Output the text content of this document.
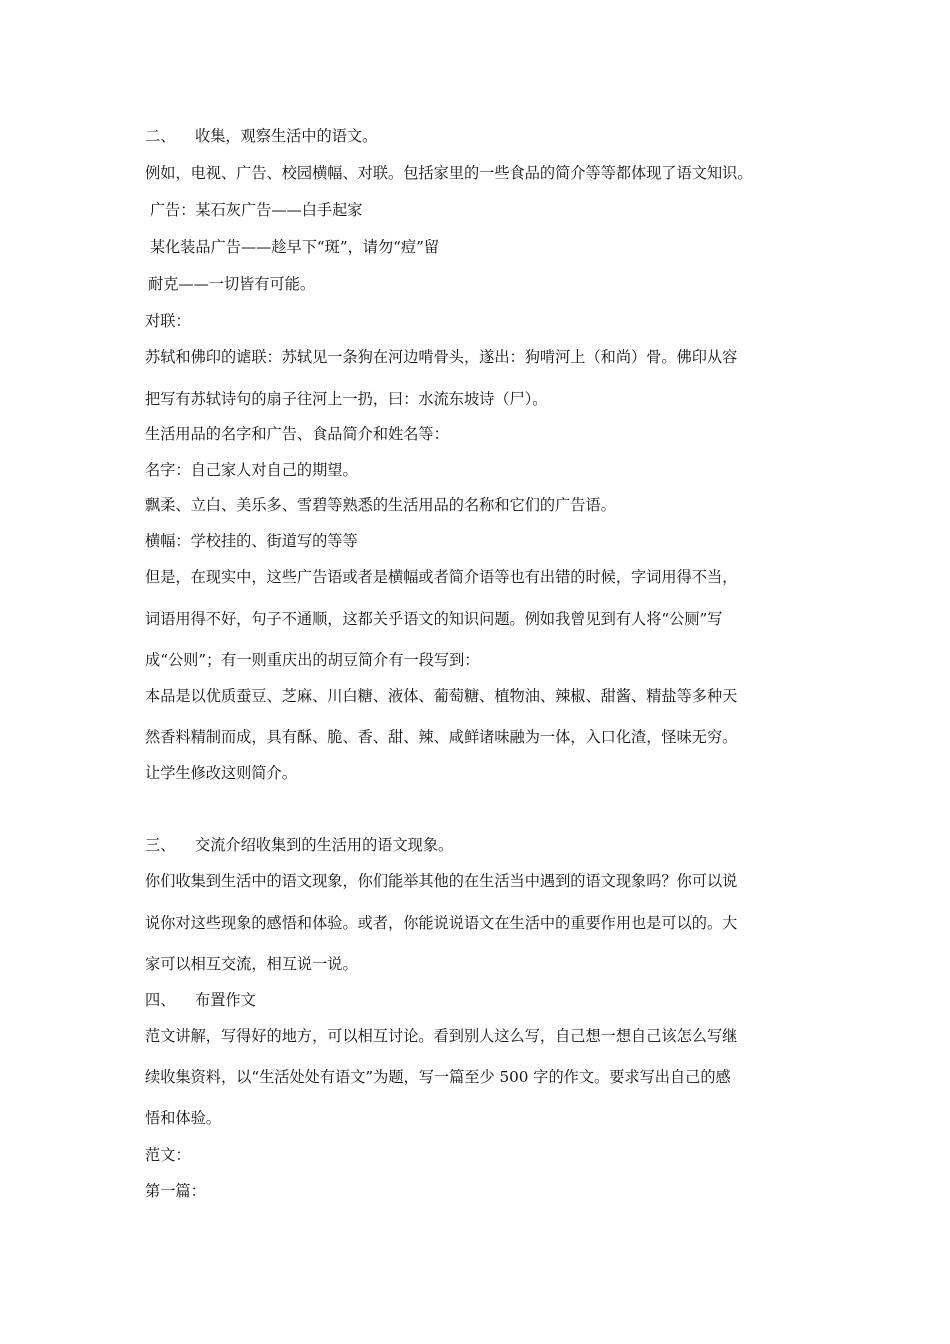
二、	收集，观察生活中的语文。
例如，电视、广告、校园横幅、对联。包括家里的一些食品的简介等等都体现了语文知识。
广告：某石灰广告——白手起家
某化装品广告——趁早下“斑”，请勿“痘”留
耐克——一切皆有可能。
对联：
苏轼和佛印的谑联：苏轼见一条狗在河边啃骨头，遂出：狗啃河上（和尚）骨。佛印从容
把写有苏轼诗句的扇子往河上一扔，曰：水流东坡诗（尸）。
生活用品的名字和广告、食品简介和姓名等：
名字：自己家人对自己的期望。
飘柔、立白、美乐多、雪碧等熟悉的生活用品的名称和它们的广告语。
横幅：学校挂的、街道写的等等
但是，在现实中，这些广告语或者是横幅或者简介语等也有出错的时候，字词用得不当，
词语用得不好，句子不通顺，这都关乎语文的知识问题。例如我曾见到有人将“公厕”写
成“公则”；有一则重庆出的胡豆简介有一段写到：
本品是以优质蚕豆、芝麻、川白糖、液体、葡萄糖、植物油、辣椒、甜酱、精盐等多种天
然香料精制而成，具有酥、脆、香、甜、辣、咸鲜诸味融为一体，入口化渣，怪味无穷。
让学生修改这则简介。
三、	交流介绍收集到的生活用的语文现象。
你们收集到生活中的语文现象，你们能举其他的在生活当中遇到的语文现象吗？你可以说
说你对这些现象的感悟和体验。或者，你能说说语文在生活中的重要作用也是可以的。大
家可以相互交流，相互说一说。
四、	布置作文
范文讲解，写得好的地方，可以相互讨论。看到别人这么写，自己想一想自己该怎么写继
续收集资料，以“生活处处有语文”为题，写一篇至少 500 字的作文。要求写出自己的感
悟和体验。
范文：
第一篇：
